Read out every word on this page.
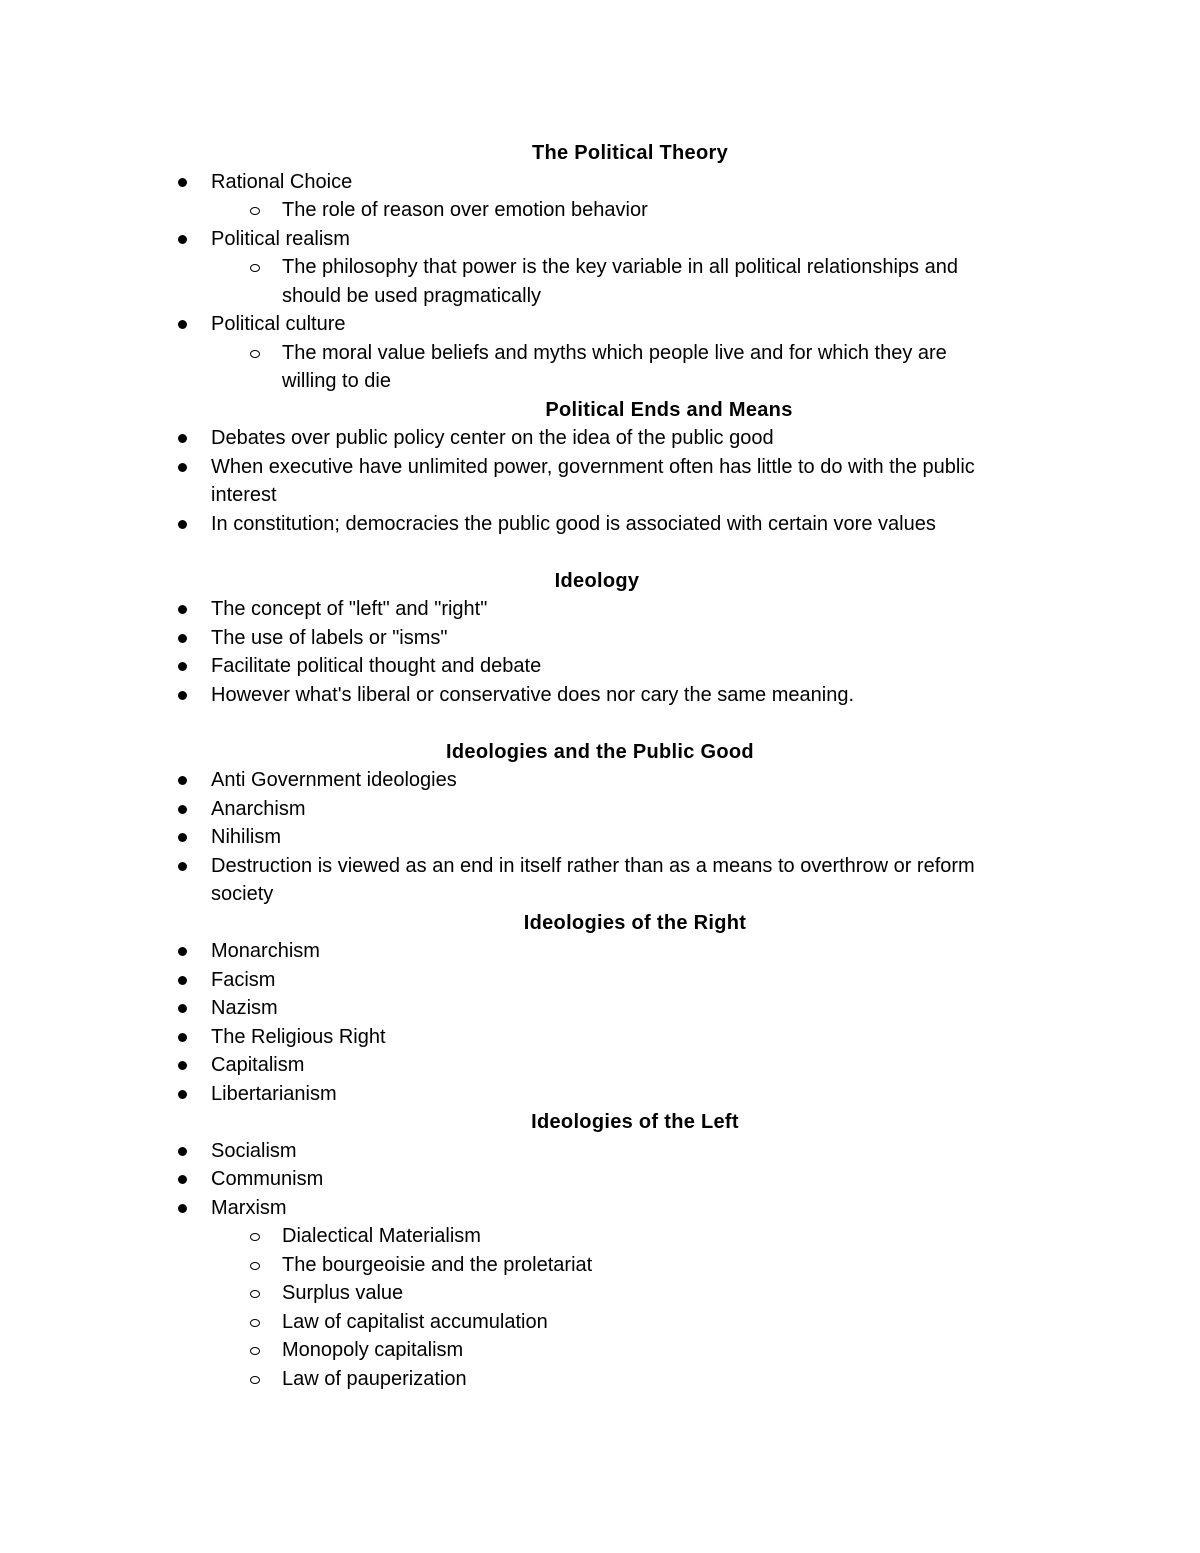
The Political Theory
Rational Choice
The role of reason over emotion behavior
Political realism
The philosophy that power is the key variable in all political relationships and
should be used pragmatically
Political culture
The moral value beliefs and myths which people live and for which they are
willing to die
Political Ends and Means
Debates over public policy center on the idea of the public good
When executive have unlimited power, government often has little to do with the public
interest
In constitution; democracies the public good is associated with certain vore values
Ideology
The concept of "left" and "right"
The use of labels or "isms"
Facilitate political thought and debate
However what's liberal or conservative does nor cary the same meaning.
Ideologies and the Public Good
Anti Government ideologies
Anarchism
Nihilism
Destruction is viewed as an end in itself rather than as a means to overthrow or reform
society
Ideologies of the Right
Monarchism
Facism
Nazism
The Religious Right
Capitalism
Libertarianism
Ideologies of the Left
Socialism
Communism
Marxism
Dialectical Materialism
The bourgeoisie and the proletariat
Surplus value
Law of capitalist accumulation
Monopoly capitalism
Law of pauperization
